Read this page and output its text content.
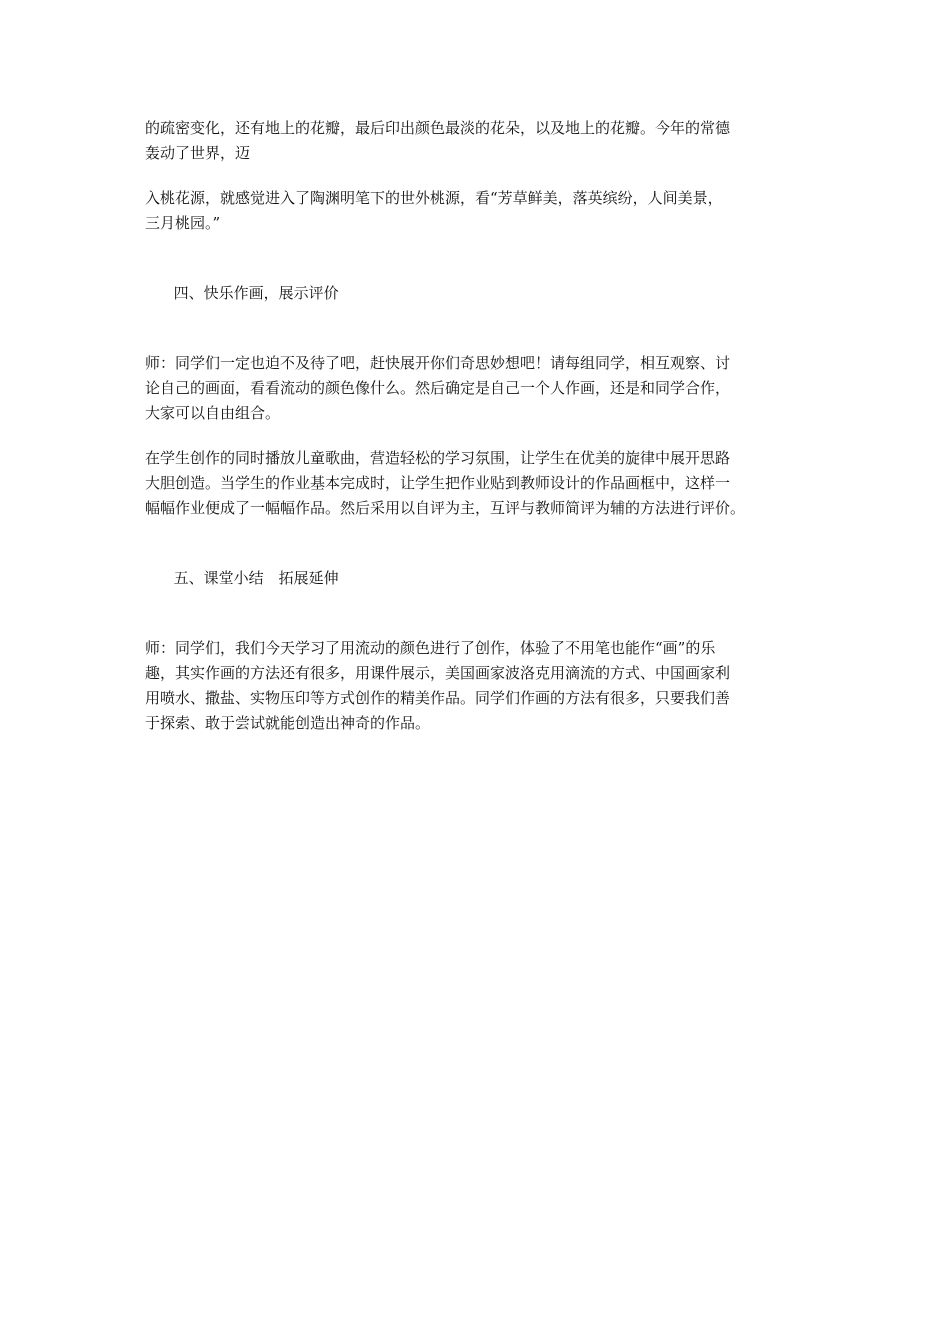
的疏密变化，还有地上的花瓣，最后印出颜色最淡的花朵，以及地上的花瓣。今年的常德
轰动了世界，迈

入桃花源，就感觉进入了陶渊明笔下的世外桃源，看“芳草鲜美，落英缤纷，人间美景，
三月桃园。”

四、快乐作画，展示评价

师：同学们一定也迫不及待了吧，赶快展开你们奇思妙想吧！请每组同学，相互观察、讨
论自己的画面，看看流动的颜色像什么。然后确定是自己一个人作画，还是和同学合作，
大家可以自由组合。

在学生创作的同时播放儿童歌曲，营造轻松的学习氛围，让学生在优美的旋律中展开思路
大胆创造。当学生的作业基本完成时，让学生把作业贴到教师设计的作品画框中，这样一
幅幅作业便成了一幅幅作品。然后采用以自评为主，互评与教师简评为辅的方法进行评价。

五、课堂小结　拓展延伸

师：同学们，我们今天学习了用流动的颜色进行了创作，体验了不用笔也能作“画”的乐
趣，其实作画的方法还有很多，用课件展示，美国画家波洛克用滴流的方式、中国画家利
用喷水、撒盐、实物压印等方式创作的精美作品。同学们作画的方法有很多，只要我们善
于探索、敢于尝试就能创造出神奇的作品。
